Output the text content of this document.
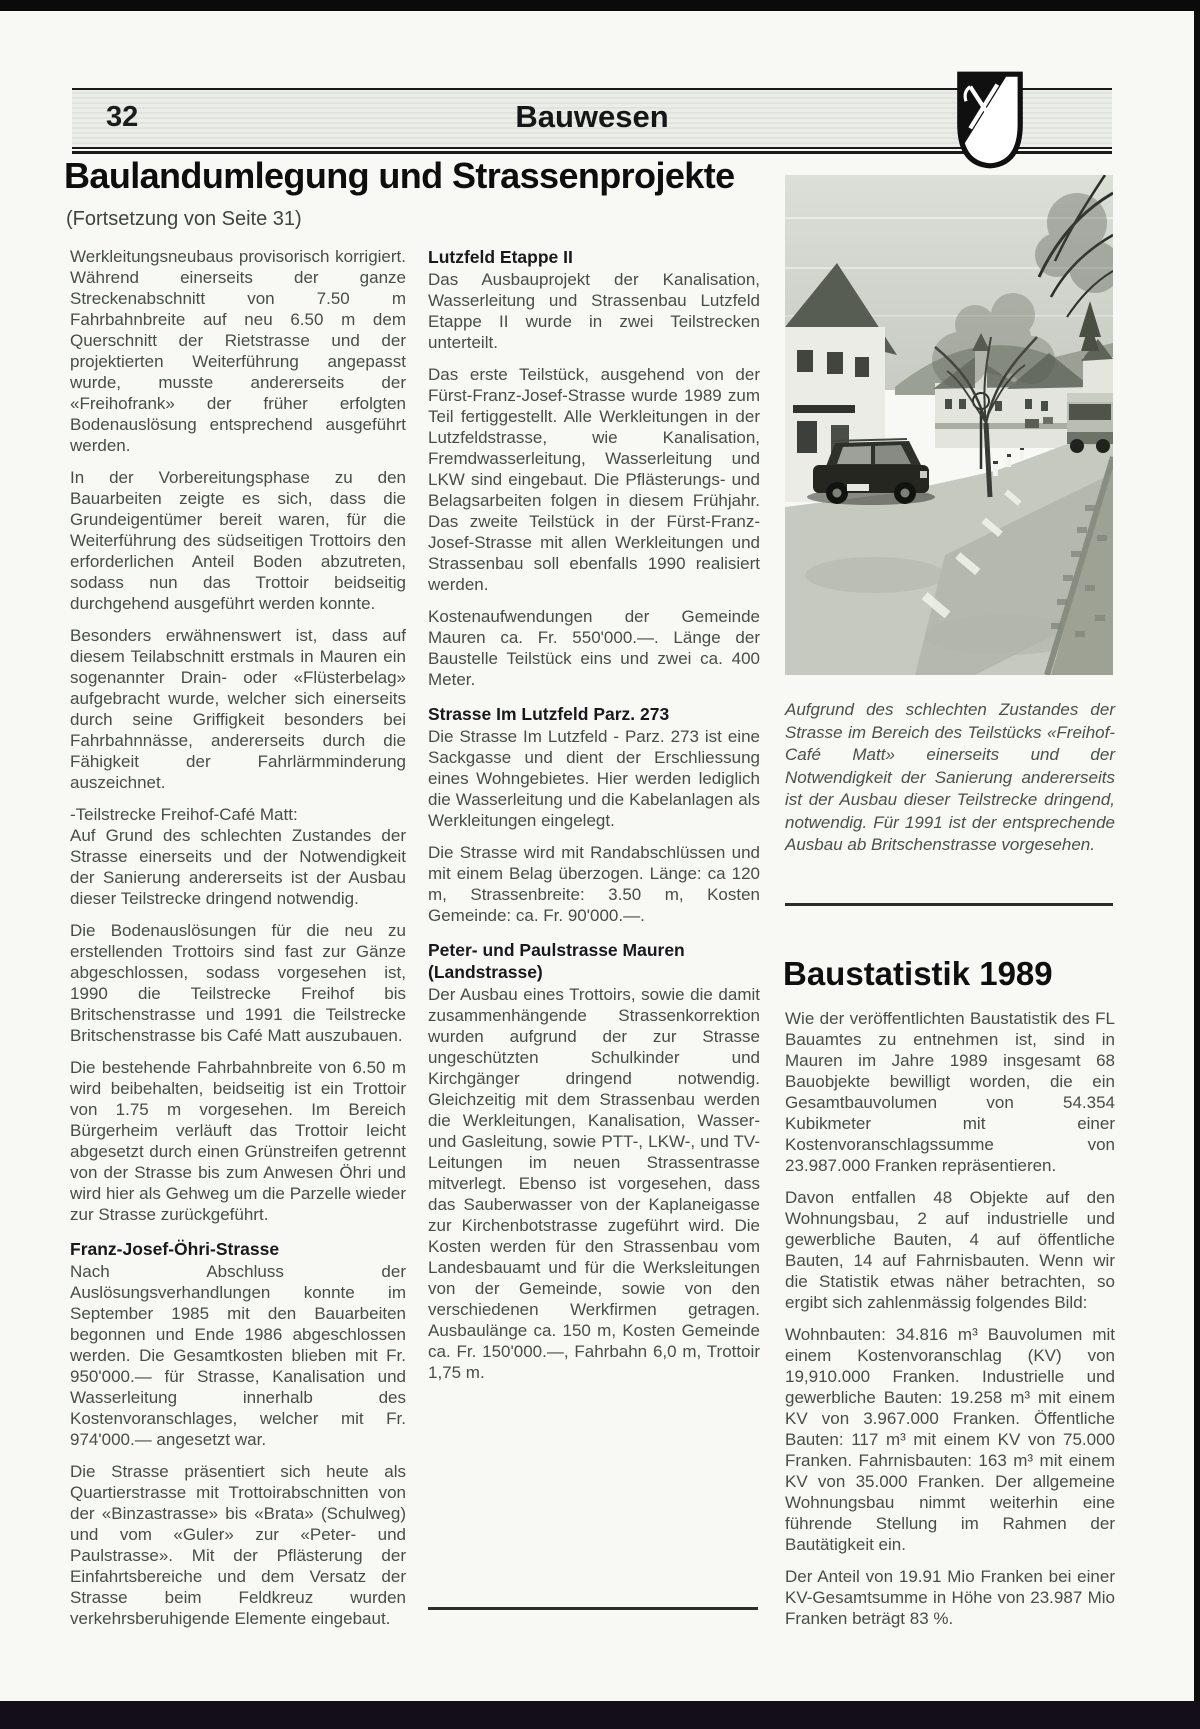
32	Bauwesen
Baulandumlegung und Strassenprojekte
(Fortsetzung von Seite 31)

Werkleitungsneubaus provisorisch korrigiert. Während einerseits der ganze Streckenabschnitt von 7.50 m Fahrbahnbreite auf neu 6.50 m dem Querschnitt der Rietstrasse und der projektierten Weiterführung angepasst wurde, musste andererseits der «Freihofrank» der früher erfolgten Bodenauslösung entsprechend ausgeführt werden.

In der Vorbereitungsphase zu den Bauarbeiten zeigte es sich, dass die Grundeigentümer bereit waren, für die Weiterführung des südseitigen Trottoirs den erforderlichen Anteil Boden abzutreten, sodass nun das Trottoir beidseitig durchgehend ausgeführt werden konnte.

Besonders erwähnenswert ist, dass auf diesem Teilabschnitt erstmals in Mauren ein sogenannter Drain- oder «Flüsterbelag» aufgebracht wurde, welcher sich einerseits durch seine Griffigkeit besonders bei Fahrbahnnässe, andererseits durch die Fähigkeit der Fahrlärmminderung auszeichnet.

-Teilstrecke Freihof-Café Matt:
Auf Grund des schlechten Zustandes der Strasse einerseits und der Notwendigkeit der Sanierung andererseits ist der Ausbau dieser Teilstrecke dringend notwendig.

Die Bodenauslösungen für die neu zu erstellenden Trottoirs sind fast zur Gänze abgeschlossen, sodass vorgesehen ist, 1990 die Teilstrecke Freihof bis Britschenstrasse und 1991 die Teilstrecke Britschenstrasse bis Café Matt auszubauen.

Die bestehende Fahrbahnbreite von 6.50 m wird beibehalten, beidseitig ist ein Trottoir von 1.75 m vorgesehen. Im Bereich Bürgerheim verläuft das Trottoir leicht abgesetzt durch einen Grünstreifen getrennt von der Strasse bis zum Anwesen Öhri und wird hier als Gehweg um die Parzelle wieder zur Strasse zurückgeführt.

Franz-Josef-Öhri-Strasse

Nach Abschluss der Auslösungsverhandlungen konnte im September 1985 mit den Bauarbeiten begonnen und Ende 1986 abgeschlossen werden. Die Gesamtkosten blieben mit Fr. 950'000.— für Strasse, Kanalisation und Wasserleitung innerhalb des Kostenvoranschlages, welcher mit Fr. 974'000.— angesetzt war.

Die Strasse präsentiert sich heute als Quartierstrasse mit Trottoirabschnitten von der «Binzastrasse» bis «Brata» (Schulweg) und vom «Guler» zur «Peter- und Paulstrasse». Mit der Pflästerung der Einfahrtsbereiche und dem Versatz der Strasse beim Feldkreuz wurden verkehrsberuhigende Elemente eingebaut.

Lutzfeld Etappe II

Das Ausbauprojekt der Kanalisation, Wasserleitung und Strassenbau Lutzfeld Etappe II wurde in zwei Teilstrecken unterteilt.

Das erste Teilstück, ausgehend von der Fürst-Franz-Josef-Strasse wurde 1989 zum Teil fertiggestellt. Alle Werkleitungen in der Lutzfeldstrasse, wie Kanalisation, Fremdwasserleitung, Wasserleitung und LKW sind eingebaut. Die Pflästerungs- und Belagsarbeiten folgen in diesem Frühjahr. Das zweite Teilstück in der Fürst-Franz-Josef-Strasse mit allen Werkleitungen und Strassenbau soll ebenfalls 1990 realisiert werden.

Kostenaufwendungen der Gemeinde Mauren ca. Fr. 550'000.—. Länge der Baustelle Teilstück eins und zwei ca. 400 Meter.

Strasse Im Lutzfeld Parz. 273

Die Strasse Im Lutzfeld - Parz. 273 ist eine Sackgasse und dient der Erschliessung eines Wohngebietes. Hier werden lediglich die Wasserleitung und die Kabelanlagen als Werkleitungen eingelegt.

Die Strasse wird mit Randabschlüssen und mit einem Belag überzogen. Länge: ca 120 m, Strassenbreite: 3.50 m, Kosten Gemeinde: ca. Fr. 90'000.—.

Peter- und Paulstrasse Mauren (Landstrasse)

Der Ausbau eines Trottoirs, sowie die damit zusammenhängende Strassenkorrektion wurden aufgrund der zur Strasse ungeschützten Schulkinder und Kirchgänger dringend notwendig. Gleichzeitig mit dem Strassenbau werden die Werkleitungen, Kanalisation, Wasser- und Gasleitung, sowie PTT-, LKW-, und TV-Leitungen im neuen Strassentrasse mitverlegt. Ebenso ist vorgesehen, dass das Sauberwasser von der Kaplaneigasse zur Kirchenbotstrasse zugeführt wird. Die Kosten werden für den Strassenbau vom Landesbauamt und für die Werksleitungen von der Gemeinde, sowie von den verschiedenen Werkfirmen getragen. Ausbaulänge ca. 150 m, Kosten Gemeinde ca. Fr. 150'000.—, Fahrbahn 6,0 m, Trottoir 1,75 m.

Aufgrund des schlechten Zustandes der Strasse im Bereich des Teilstücks «Freihof-Café Matt» einerseits und der Notwendigkeit der Sanierung andererseits ist der Ausbau dieser Teilstrecke dringend, notwendig. Für 1991 ist der entsprechende Ausbau ab Britschenstrasse vorgesehen.
Baustatistik 1989

Wie der veröffentlichten Baustatistik des FL Bauamtes zu entnehmen ist, sind in Mauren im Jahre 1989 insgesamt 68 Bauobjekte bewilligt worden, die ein Gesamtbauvolumen von 54.354 Kubikmeter mit einer Kostenvoranschlagssumme von 23.987.000 Franken repräsentieren.

Davon entfallen 48 Objekte auf den Wohnungsbau, 2 auf industrielle und gewerbliche Bauten, 4 auf öffentliche Bauten, 14 auf Fahrnisbauten. Wenn wir die Statistik etwas näher betrachten, so ergibt sich zahlenmässig folgendes Bild:

Wohnbauten: 34.816 m³ Bauvolumen mit einem Kostenvoranschlag (KV) von 19,910.000 Franken. Industrielle und gewerbliche Bauten: 19.258 m³ mit einem KV von 3.967.000 Franken. Öffentliche Bauten: 117 m³ mit einem KV von 75.000 Franken. Fahrnisbauten: 163 m³ mit einem KV von 35.000 Franken. Der allgemeine Wohnungsbau nimmt weiterhin eine führende Stellung im Rahmen der Bautätigkeit ein.

Der Anteil von 19.91 Mio Franken bei einer KV-Gesamtsumme in Höhe von 23.987 Mio Franken beträgt 83 %.
